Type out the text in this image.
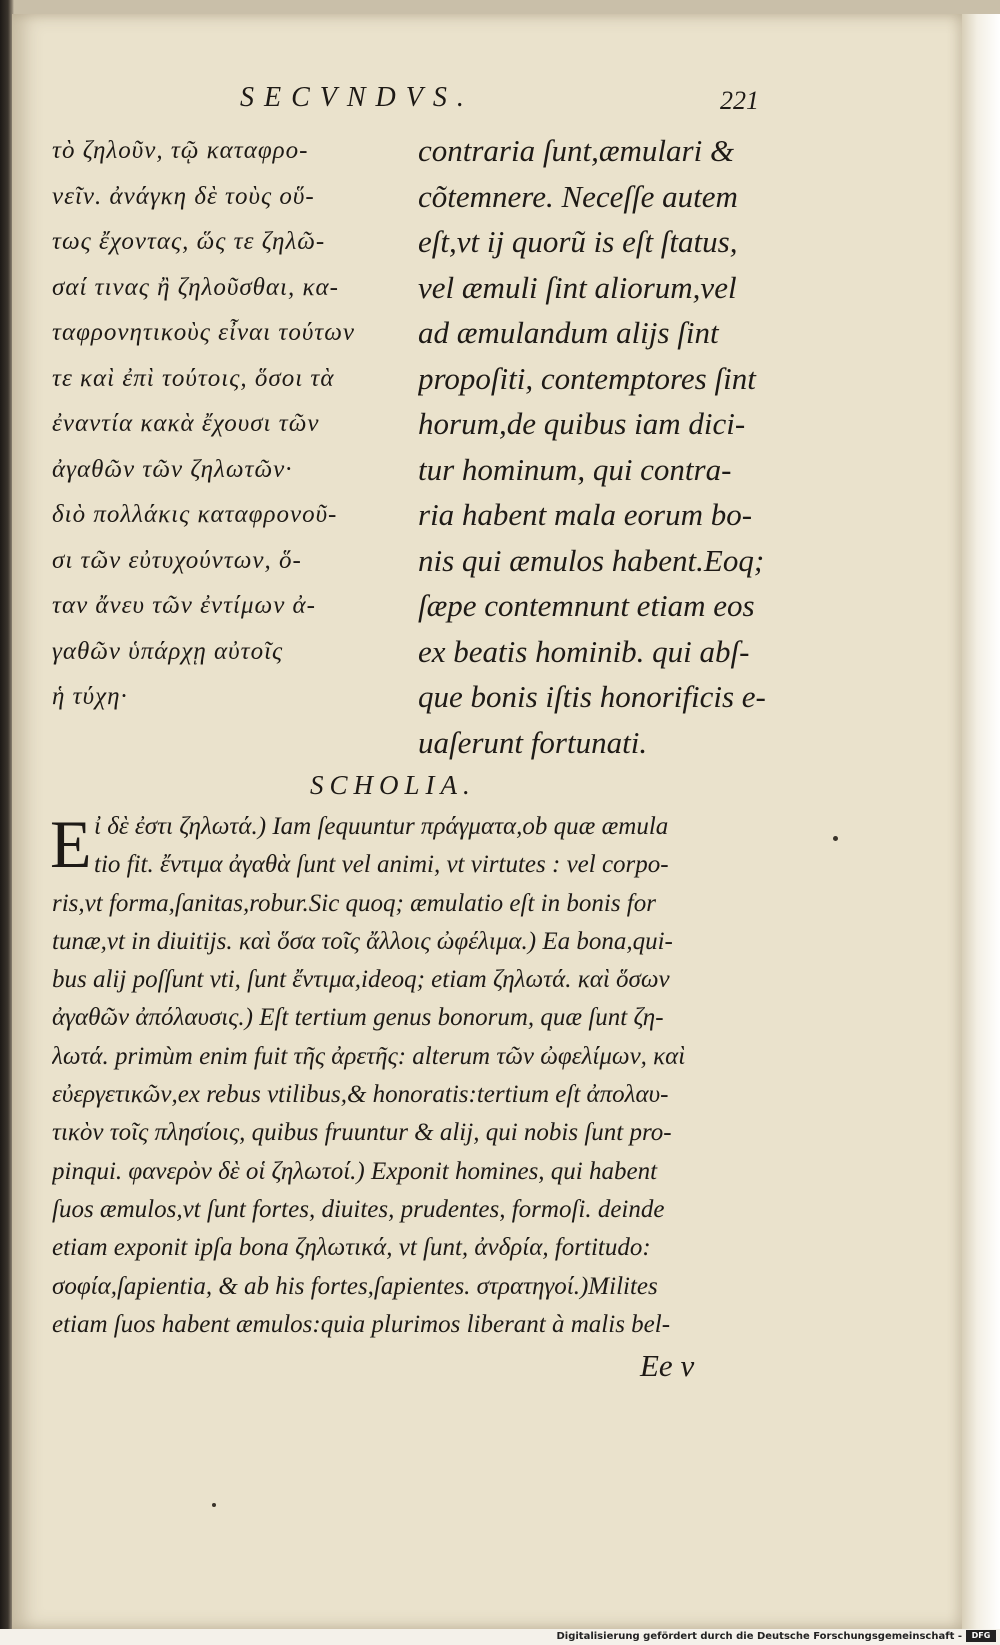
SECVNDVS.	221
τὸ ζηλοῦν, τῷ καταφρο-
νεῖν. ἀνάγκη δὲ τοὺς οὕ-
τως ἔχοντας, ὥς τε ζηλῶ-
σαί τινας ἢ ζηλοῦσθαι, κα-
ταφρονητικοὺς εἶναι τούτων
τε καὶ ἐπὶ τούτοις, ὅσοι τὰ
ἐναντία κακὰ ἔχουσι τῶν
ἀγαθῶν τῶν ζηλωτῶν·
διὸ πολλάκις καταφρονοῦ-
σι τῶν εὐτυχούντων, ὅ-
ταν ἄνευ τῶν ἐντίμων ἀ-
γαθῶν ὑπάρχῃ αὐτοῖς
ἡ τύχη·
contraria ſunt,æmulari &
cõtemnere. Neceſſe autem
eſt,vt ij quorũ is eſt ſtatus,
vel æmuli ſint aliorum,vel
ad æmulandum alijs ſint
propoſiti, contemptores ſint
horum,de quibus iam dici-
tur hominum, qui contra-
ria habent mala eorum bo-
nis qui æmulos habent.Eoq;
ſæpe contemnunt etiam eos
ex beatis hominib. qui abſ-
que bonis iſtis honorificis e-
uaſerunt fortunati.
SCHOLIA.
E ἰ δὲ ἐστι ζηλωτά.) Iam ſequuntur πράγματα,ob quæ æmula
tio fit. ἔντιμα ἀγαθὰ ſunt vel animi, vt virtutes : vel corpo-
ris,vt forma,ſanitas,robur.Sic quoq; æmulatio eſt in bonis for
tunæ,vt in diuitijs. καὶ ὅσα τοῖς ἄλλοις ὠφέλιμα.) Ea bona,qui-
bus alij poſſunt vti, ſunt ἔντιμα,ideoq; etiam ζηλωτά. καὶ ὅσων
ἀγαθῶν ἀπόλαυσις.) Eſt tertium genus bonorum, quæ ſunt ζη-
λωτά. primùm enim fuit τῆς ἀρετῆς: alterum τῶν ὠφελίμων, καὶ
εὐεργετικῶν,ex rebus vtilibus,& honoratis:tertium eſt ἀπολαυ-
τικὸν τοῖς πλησίοις, quibus fruuntur & alij, qui nobis ſunt pro-
pinqui. φανερὸν δὲ οἱ ζηλωτοί.) Exponit homines, qui habent
ſuos æmulos,vt ſunt fortes, diuites, prudentes, formoſi. deinde
etiam exponit ipſa bona ζηλωτικά, vt ſunt, ἀνδρία, fortitudo:
σοφία,ſapientia, & ab his fortes,ſapientes. στρατηγοί.)Milites
etiam ſuos habent æmulos:quia plurimos liberant à malis bel-
Ee v
Digitalisierung gefördert durch die Deutsche Forschungsgemeinschaft -	DFG
